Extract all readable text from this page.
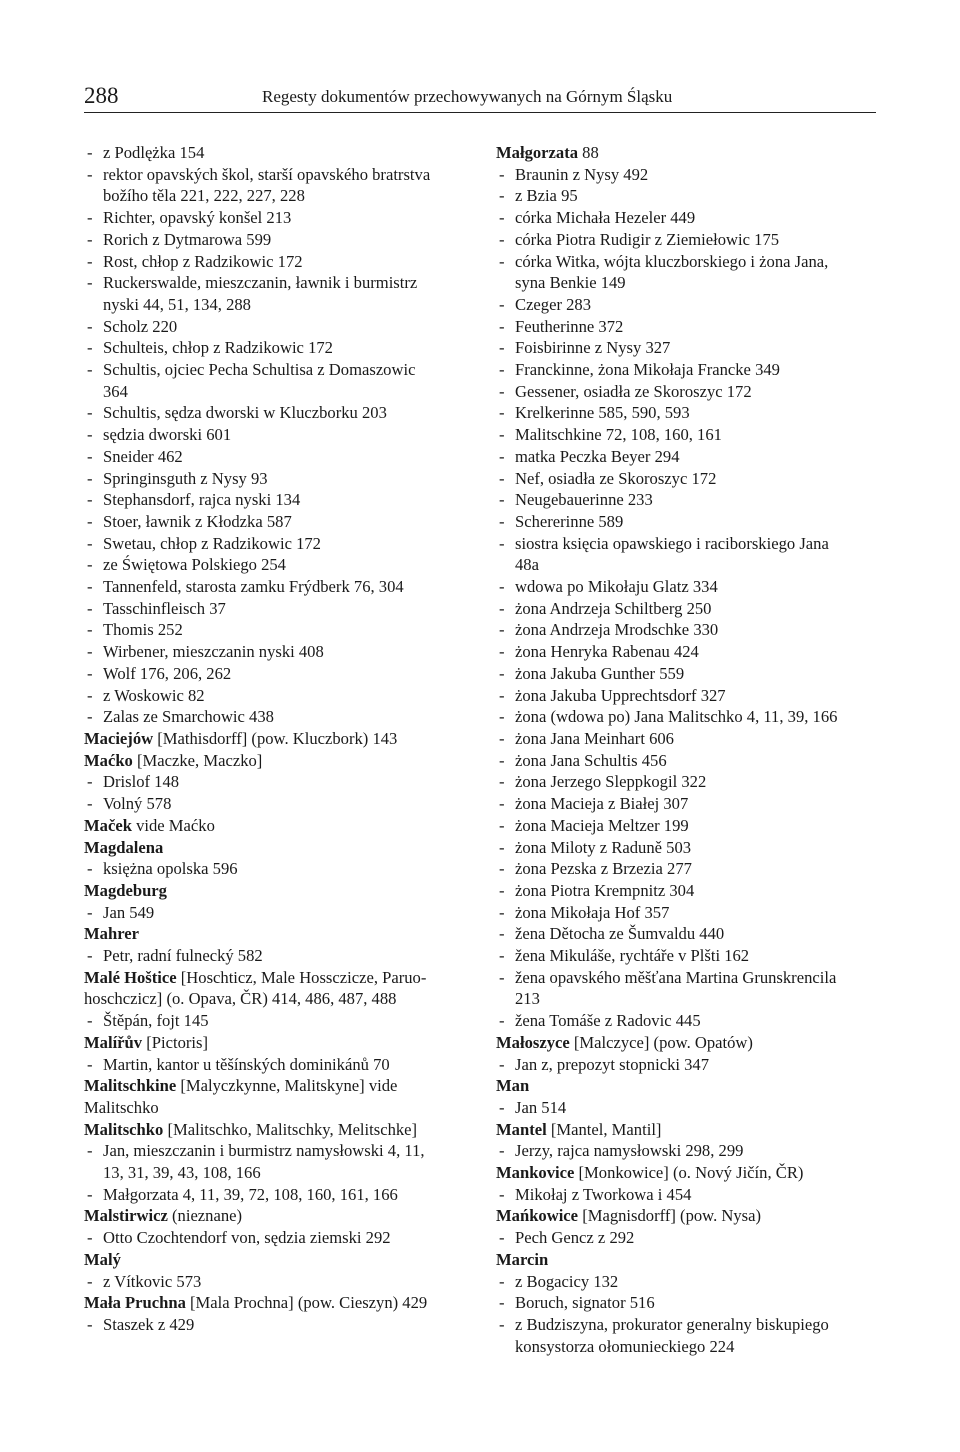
288	Regesty dokumentów przechowywanych na Górnym Śląsku
- z Podlężka 154
- rektor opavských škol, starší opavského bratrstva
božího těla 221, 222, 227, 228
- Richter, opavský konšel 213
- Rorich z Dytmarowa 599
- Rost, chłop z Radzikowic 172
- Ruckerswalde, mieszczanin, ławnik i burmistrz
nyski 44, 51, 134, 288
- Scholz 220
- Schulteis, chłop z Radzikowic 172
- Schultis, ojciec Pecha Schultisa z Domaszowic
364
- Schultis, sędza dworski w Kluczborku 203
- sędzia dworski 601
- Sneider 462
- Springinsguth z Nysy 93
- Stephansdorf, rajca nyski 134
- Stoer, ławnik z Kłodzka 587
- Swetau, chłop z Radzikowic 172
- ze Świętowa Polskiego 254
- Tannenfeld, starosta zamku Frýdberk 76, 304
- Tasschinfleisch 37
- Thomis 252
- Wirbener, mieszczanin nyski 408
- Wolf 176, 206, 262
- z Woskowic 82
- Zalas ze Smarchowic 438
Maciejów [Mathisdorff] (pow. Kluczbork) 143
Maćko [Maczke, Maczko]
- Drislof 148
- Volný 578
Maček vide Maćko
Magdalena
- księżna opolska 596
Magdeburg
- Jan 549
Mahrer
- Petr, radní fulnecký 582
Malé Hoštice [Hoschticz, Male Hossczicze, Paruo-
hoschczicz] (o. Opava, ČR) 414, 486, 487, 488
- Štěpán, fojt 145
Malířův [Pictoris]
- Martin, kantor u těšínských dominikánů 70
Malitschkine [Malyczkynne, Malitskyne] vide
Malitschko
Malitschko [Malitschko, Malitschky, Melitschke]
- Jan, mieszczanin i burmistrz namysłowski 4, 11,
13, 31, 39, 43, 108, 166
- Małgorzata 4, 11, 39, 72, 108, 160, 161, 166
Malstirwicz (nieznane)
- Otto Czochtendorf von, sędzia ziemski 292
Malý
- z Vítkovic 573
Mała Pruchna [Mala Prochna] (pow. Cieszyn) 429
- Staszek z 429
Małgorzata 88
- Braunin z Nysy 492
- z Bzia 95
- córka Michała Hezeler 449
- córka Piotra Rudigir z Ziemiełowic 175
- córka Witka, wójta kluczborskiego i żona Jana,
syna Benkie 149
- Czeger 283
- Feutherinne 372
- Foisbirinne z Nysy 327
- Franckinne, żona Mikołaja Francke 349
- Gessener, osiadła ze Skoroszyc 172
- Krelkerinne 585, 590, 593
- Malitschkine 72, 108, 160, 161
- matka Peczka Beyer 294
- Nef, osiadła ze Skoroszyc 172
- Neugebauerinne 233
- Schererinne 589
- siostra księcia opawskiego i raciborskiego Jana
48a
- wdowa po Mikołaju Glatz 334
- żona Andrzeja Schiltberg 250
- żona Andrzeja Mrodschke 330
- żona Henryka Rabenau 424
- żona Jakuba Gunther 559
- żona Jakuba Upprechtsdorf 327
- żona (wdowa po) Jana Malitschko 4, 11, 39, 166
- żona Jana Meinhart 606
- żona Jana Schultis 456
- żona Jerzego Sleppkogil 322
- żona Macieja z Białej 307
- żona Macieja Meltzer 199
- żona Miloty z Raduně 503
- żona Pezska z Brzezia 277
- żona Piotra Krempnitz 304
- żona Mikołaja Hof 357
- žena Dětocha ze Šumvaldu 440
- žena Mikuláše, rychtáře v Plšti 162
- žena opavského měšťana Martina Grunskrencila
213
- žena Tomáše z Radovic 445
Małoszyce [Malczyce] (pow. Opatów)
- Jan z, prepozyt stopnicki 347
Man
- Jan 514
Mantel [Mantel, Mantil]
- Jerzy, rajca namysłowski 298, 299
Mankovice [Monkowice] (o. Nový Jičín, ČR)
- Mikołaj z Tworkowa i 454
Mańkowice [Magnisdorff] (pow. Nysa)
- Pech Gencz z 292
Marcin
- z Bogacicy 132
- Boruch, signator 516
- z Budziszyna, prokurator generalny biskupiego
konsystorza ołomunieckiego 224
